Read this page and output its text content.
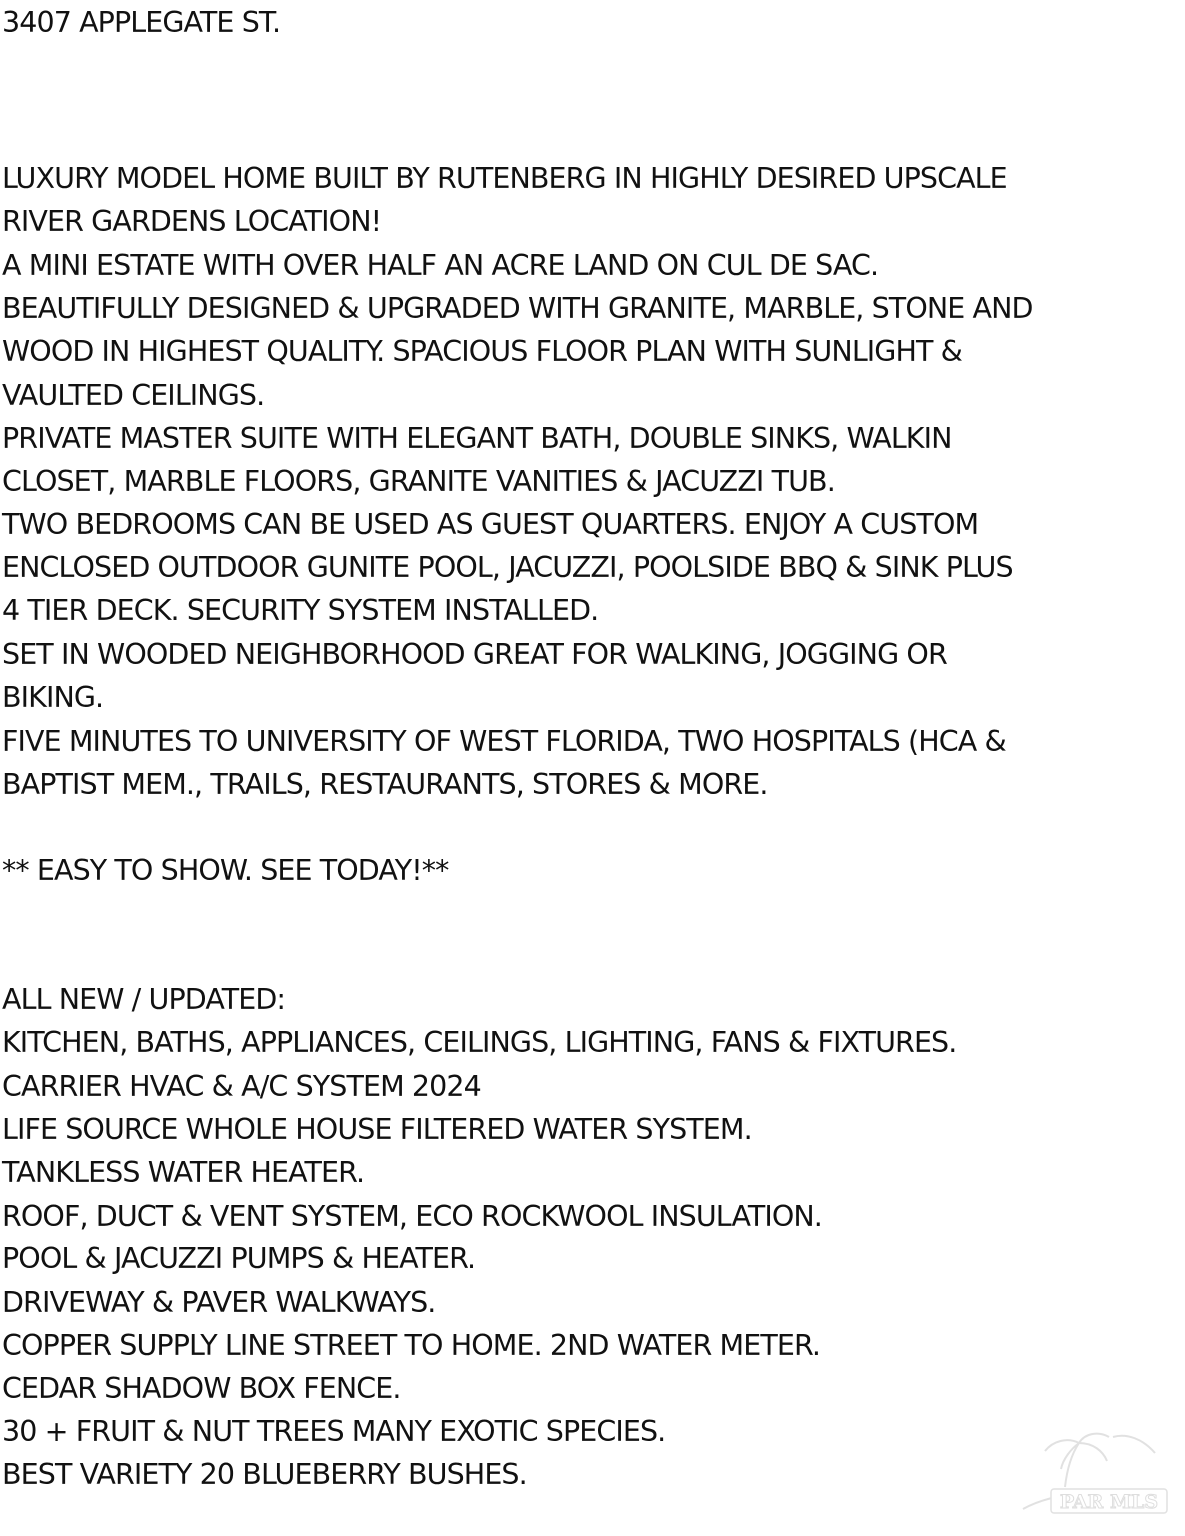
3407 APPLEGATE ST.
LUXURY MODEL HOME BUILT BY RUTENBERG IN HIGHLY DESIRED UPSCALE
RIVER GARDENS LOCATION!
A MINI ESTATE WITH OVER HALF AN ACRE LAND ON CUL DE SAC.
BEAUTIFULLY DESIGNED & UPGRADED WITH GRANITE, MARBLE, STONE AND
WOOD IN HIGHEST QUALITY. SPACIOUS FLOOR PLAN WITH SUNLIGHT &
VAULTED CEILINGS.
PRIVATE MASTER SUITE WITH ELEGANT BATH, DOUBLE SINKS, WALKIN
CLOSET, MARBLE FLOORS, GRANITE VANITIES & JACUZZI TUB.
TWO BEDROOMS CAN BE USED AS GUEST QUARTERS. ENJOY A CUSTOM
ENCLOSED OUTDOOR GUNITE POOL, JACUZZI, POOLSIDE BBQ & SINK PLUS
4 TIER DECK. SECURITY SYSTEM INSTALLED.
SET IN WOODED NEIGHBORHOOD GREAT FOR WALKING, JOGGING OR
BIKING.
FIVE MINUTES TO UNIVERSITY OF WEST FLORIDA, TWO HOSPITALS (HCA &
BAPTIST MEM., TRAILS, RESTAURANTS, STORES & MORE.
** EASY TO SHOW. SEE TODAY!**
ALL NEW / UPDATED:
KITCHEN, BATHS, APPLIANCES, CEILINGS, LIGHTING, FANS & FIXTURES.
CARRIER HVAC & A/C SYSTEM 2024
LIFE SOURCE WHOLE HOUSE FILTERED WATER SYSTEM.
TANKLESS WATER HEATER.
ROOF, DUCT & VENT SYSTEM, ECO ROCKWOOL INSULATION.
POOL & JACUZZI PUMPS & HEATER.
DRIVEWAY & PAVER WALKWAYS.
COPPER SUPPLY LINE STREET TO HOME. 2ND WATER METER.
CEDAR SHADOW BOX FENCE.
30 + FRUIT & NUT TREES MANY EXOTIC SPECIES.
BEST VARIETY 20 BLUEBERRY BUSHES.
PAR MLS
